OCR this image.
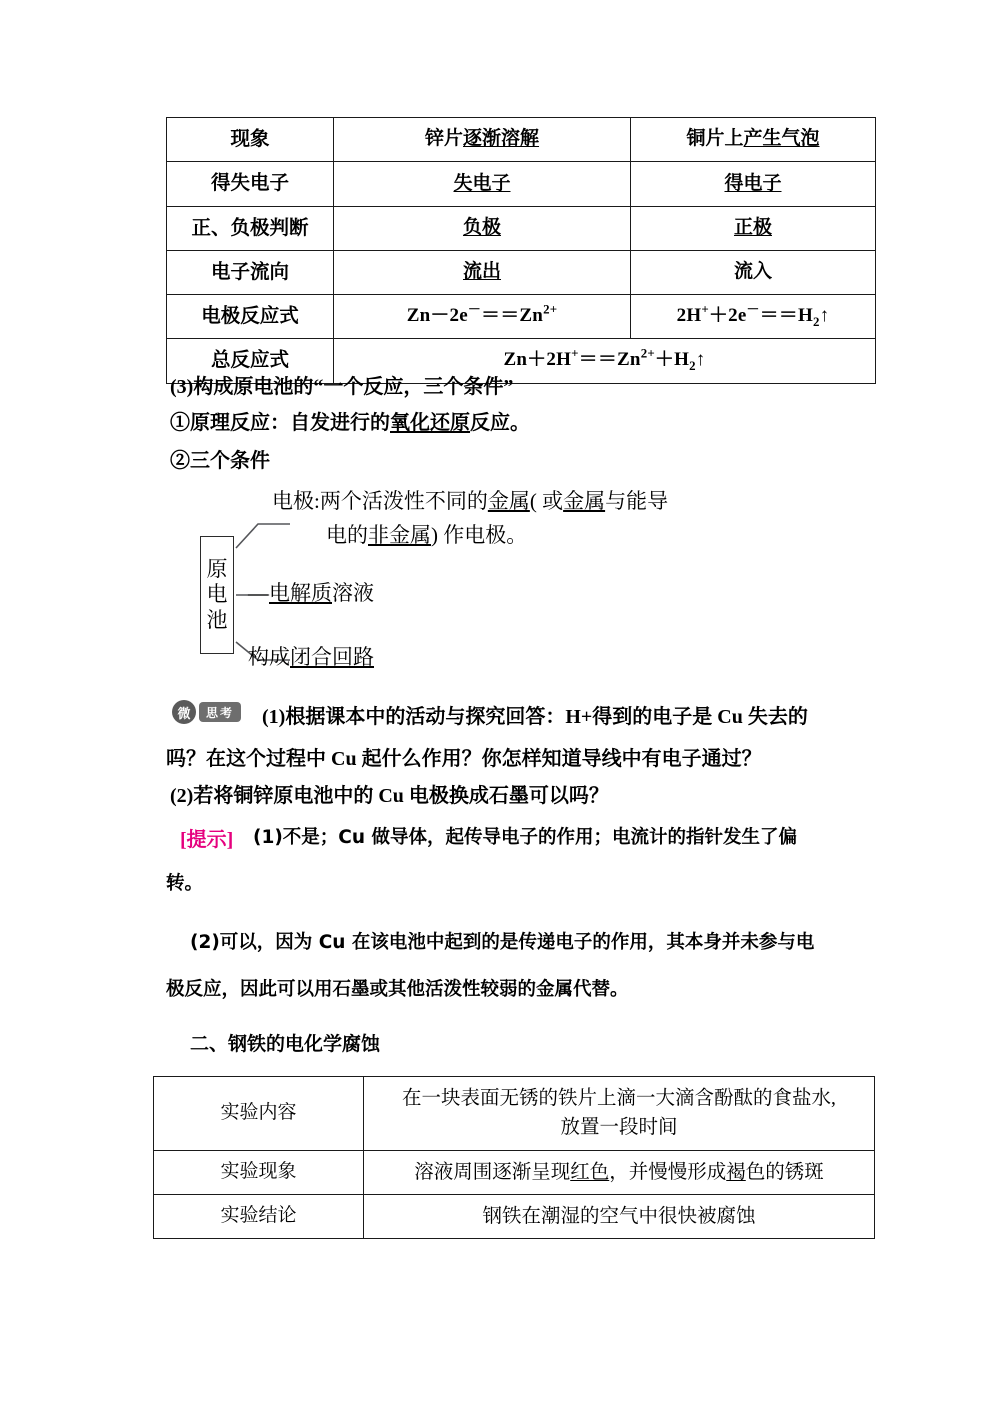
现象	锌片逐渐溶解	铜片上产生气泡
得失电子	失电子	得电子
正、负极判断	负极	正极
电子流向	流出	流入
电极反应式	$Zn-2e^-==Zn^{2+}$	$2H^++2e^-==H_2↑$
总反应式	$Zn+2H^+==Zn^{2+}+H_2↑$	
(3)构成原电池的“一个反应，三个条件”
①原理反应：自发进行的氧化还原反应。
②三个条件
原
电
池
电极:两个活泼性不同的金属( 或金属与能导
电的非金属) 作电极。
—电解质溶液
构成闭合回路
微	思考	(1)根据课本中的活动与探究回答：H+得到的电子是 Cu 失去的
吗？在这个过程中 Cu 起什么作用？你怎样知道导线中有电子通过？
(2)若将铜锌原电池中的 Cu 电极换成石墨可以吗？
[提示] (1)不是；Cu 做导体，起传导电子的作用；电流计的指针发生了偏
转。
(2)可以，因为 Cu 在该电池中起到的是传递电子的作用，其本身并未参与电
极反应，因此可以用石墨或其他活泼性较弱的金属代替。
二、钢铁的电化学腐蚀
实验内容	在一块表面无锈的铁片上滴一大滴含酚酞的食盐水,
放置一段时间

实验现象	溶液周围逐渐呈现红色，并慢慢形成褐色的锈斑
实验结论	钢铁在潮湿的空气中很快被腐蚀
